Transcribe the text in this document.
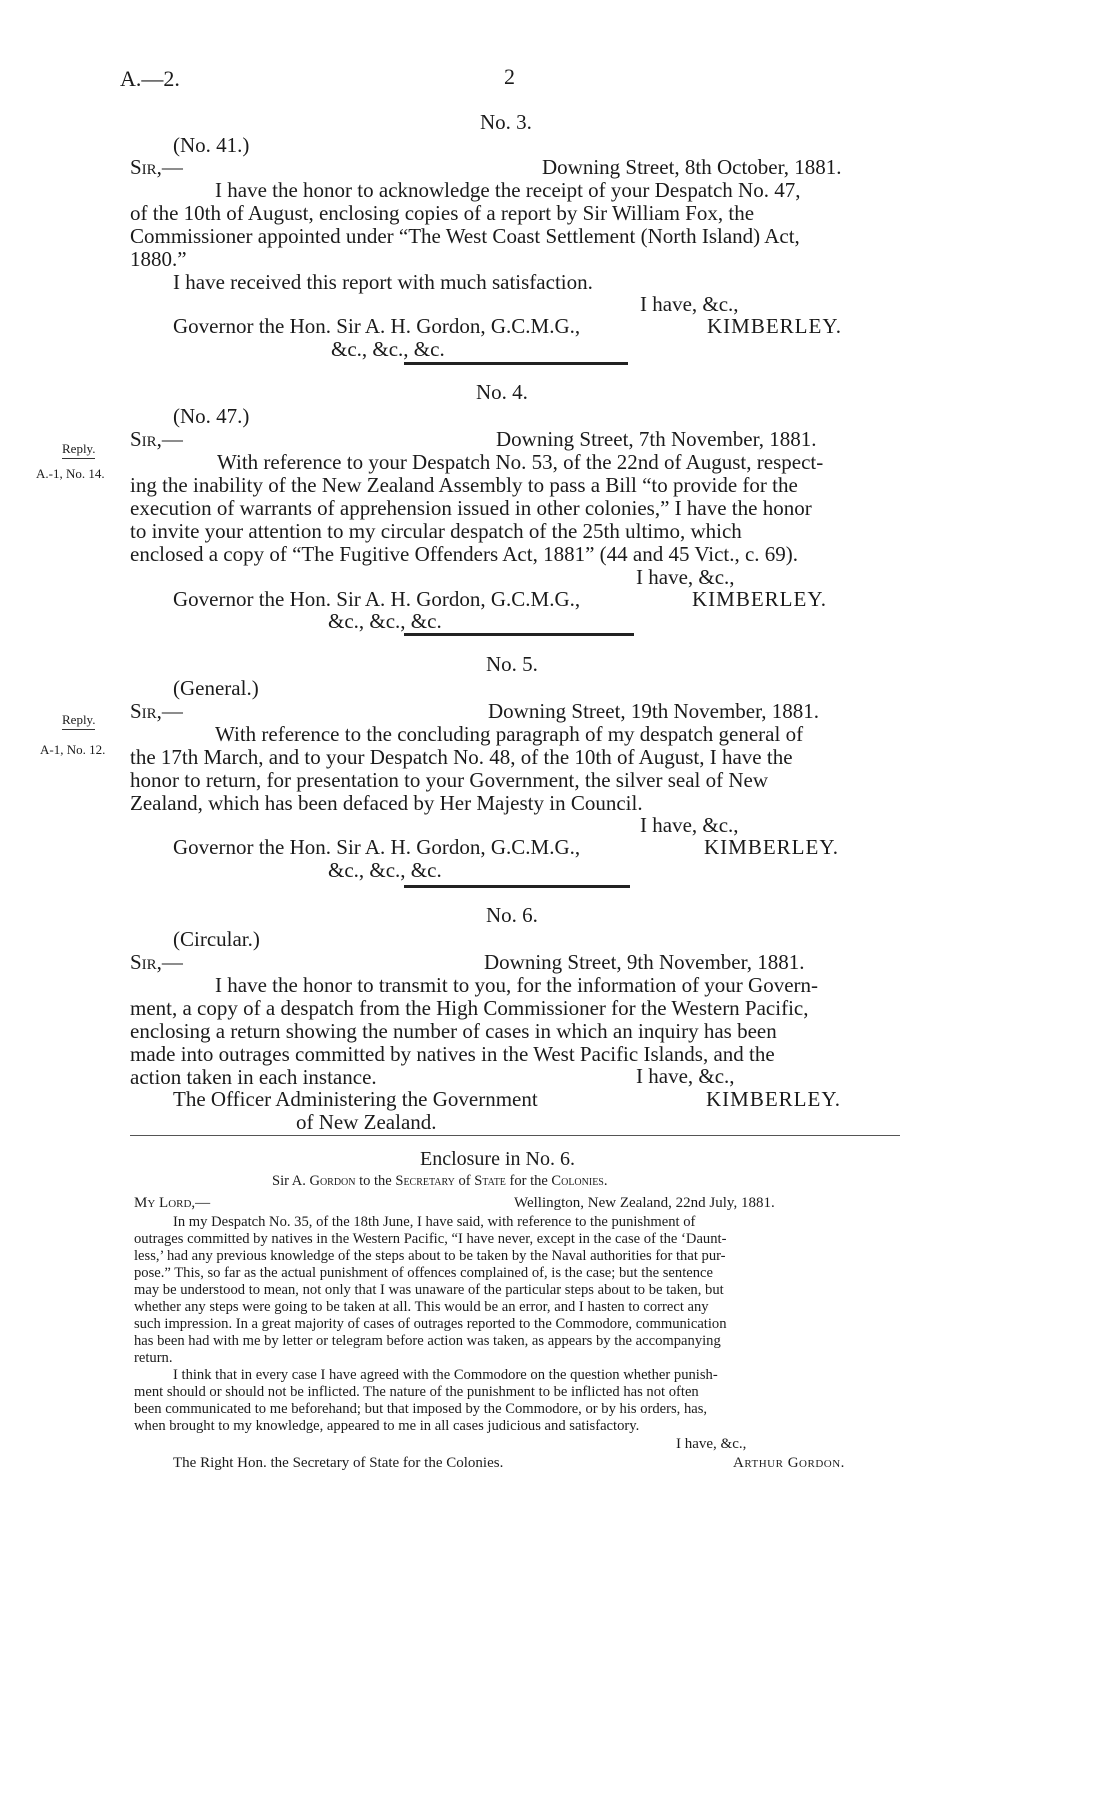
A.—2.	2
No. 3.
(No. 41.)
Sir,—	Downing Street, 8th October, 1881.
I have the honor to acknowledge the receipt of your Despatch No. 47,
of the 10th of August, enclosing copies of a report by Sir William Fox, the
Commissioner appointed under “The West Coast Settlement (North Island) Act,
1880.”
I have received this report with much satisfaction.
I have, &c.,
Governor the Hon. Sir A. H. Gordon, G.C.M.G.,	KIMBERLEY.
&c., &c., &c.
No. 4.
(No. 47.)
Sir,—	Downing Street, 7th November, 1881.
Reply.
A.-1, No. 14.	With reference to your Despatch No. 53, of the 22nd of August, respect-
ing the inability of the New Zealand Assembly to pass a Bill “to provide for the
execution of warrants of apprehension issued in other colonies,” I have the honor
to invite your attention to my circular despatch of the 25th ultimo, which
enclosed a copy of “The Fugitive Offenders Act, 1881” (44 and 45 Vict., c. 69).
I have, &c.,
Governor the Hon. Sir A. H. Gordon, G.C.M.G.,	KIMBERLEY.
&c., &c., &c.
No. 5.
(General.)
Sir,—	Downing Street, 19th November, 1881.
Reply.
A-1, No. 12.
With reference to the concluding paragraph of my despatch general of
the 17th March, and to your Despatch No. 48, of the 10th of August, I have the
honor to return, for presentation to your Government, the silver seal of New
Zealand, which has been defaced by Her Majesty in Council.
I have, &c.,
Governor the Hon. Sir A. H. Gordon, G.C.M.G.,	KIMBERLEY.
&c., &c., &c.
No. 6.
(Circular.)
Sir,—	Downing Street, 9th November, 1881.
I have the honor to transmit to you, for the information of your Govern-
ment, a copy of a despatch from the High Commissioner for the Western Pacific,
enclosing a return showing the number of cases in which an inquiry has been
made into outrages committed by natives in the West Pacific Islands, and the
action taken in each instance.	I have, &c.,
The Officer Administering the Government	KIMBERLEY.
of New Zealand.
Enclosure in No. 6.
Sir A. Gordon to the Secretary of State for the Colonies.
My Lord,—	Wellington, New Zealand, 22nd July, 1881.
In my Despatch No. 35, of the 18th June, I have said, with reference to the punishment of
outrages committed by natives in the Western Pacific, “I have never, except in the case of the ‘Daunt-
less,’ had any previous knowledge of the steps about to be taken by the Naval authorities for that pur-
pose.” This, so far as the actual punishment of offences complained of, is the case; but the sentence
may be understood to mean, not only that I was unaware of the particular steps about to be taken, but
whether any steps were going to be taken at all. This would be an error, and I hasten to correct any
such impression. In a great majority of cases of outrages reported to the Commodore, communication
has been had with me by letter or telegram before action was taken, as appears by the accompanying
return.
I think that in every case I have agreed with the Commodore on the question whether punish-
ment should or should not be inflicted. The nature of the punishment to be inflicted has not often
been communicated to me beforehand; but that imposed by the Commodore, or by his orders, has,
when brought to my knowledge, appeared to me in all cases judicious and satisfactory.
I have, &c.,
The Right Hon. the Secretary of State for the Colonies.	Arthur Gordon.
